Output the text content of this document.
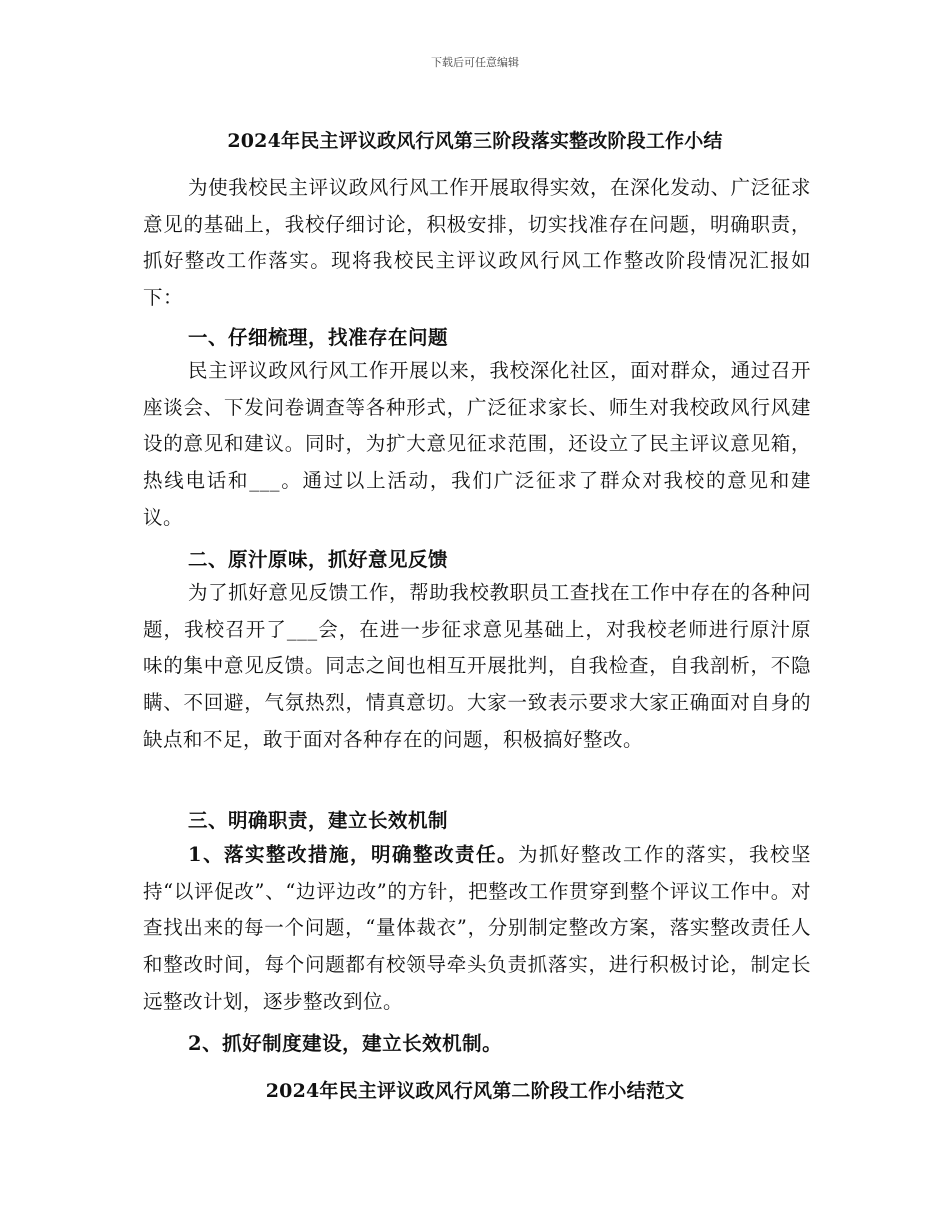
下载后可任意编辑
2024年民主评议政风行风第三阶段落实整改阶段工作小结
为使我校民主评议政风行风工作开展取得实效，在深化发动、广泛征求意见的基础上，我校仔细讨论，积极安排，切实找准存在问题，明确职责，抓好整改工作落实。现将我校民主评议政风行风工作整改阶段情况汇报如下：
一、仔细梳理，找准存在问题
民主评议政风行风工作开展以来，我校深化社区，面对群众，通过召开座谈会、下发问卷调查等各种形式，广泛征求家长、师生对我校政风行风建设的意见和建议。同时，为扩大意见征求范围，还设立了民主评议意见箱，热线电话和___。通过以上活动，我们广泛征求了群众对我校的意见和建议。
二、原汁原味，抓好意见反馈
为了抓好意见反馈工作，帮助我校教职员工查找在工作中存在的各种问题，我校召开了___会，在进一步征求意见基础上，对我校老师进行原汁原味的集中意见反馈。同志之间也相互开展批判，自我检查，自我剖析，不隐瞒、不回避，气氛热烈，情真意切。大家一致表示要求大家正确面对自身的缺点和不足，敢于面对各种存在的问题，积极搞好整改。
三、明确职责，建立长效机制
1、落实整改措施，明确整改责任。为抓好整改工作的落实，我校坚持“以评促改”、“边评边改”的方针，把整改工作贯穿到整个评议工作中。对查找出来的每一个问题，“量体裁衣”，分别制定整改方案，落实整改责任人和整改时间，每个问题都有校领导牵头负责抓落实，进行积极讨论，制定长远整改计划，逐步整改到位。
2、抓好制度建设，建立长效机制。
2024年民主评议政风行风第二阶段工作小结范文
